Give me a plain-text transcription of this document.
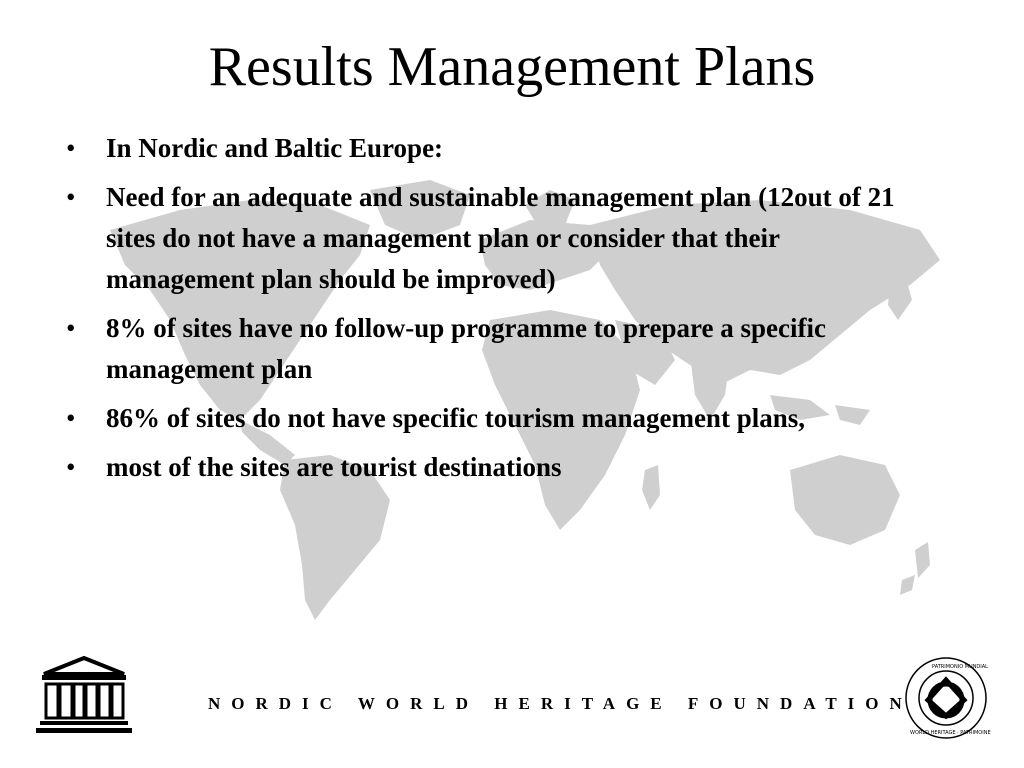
Results Management Plans
• In Nordic and Baltic Europe:
• Need for an adequate and sustainable management plan (12out of 21 sites do not have a management plan or consider that their management plan should be improved)
• 8% of sites have no follow-up programme to prepare a specific management plan
• 86% of sites do not have specific tourism management plans,
• most of the sites are tourist destinations
NORDIC WORLD HERITAGE FOUNDATION
PATRIMONIO MUNDIAL
WORLD HERITAGE · PATRIMOINE
